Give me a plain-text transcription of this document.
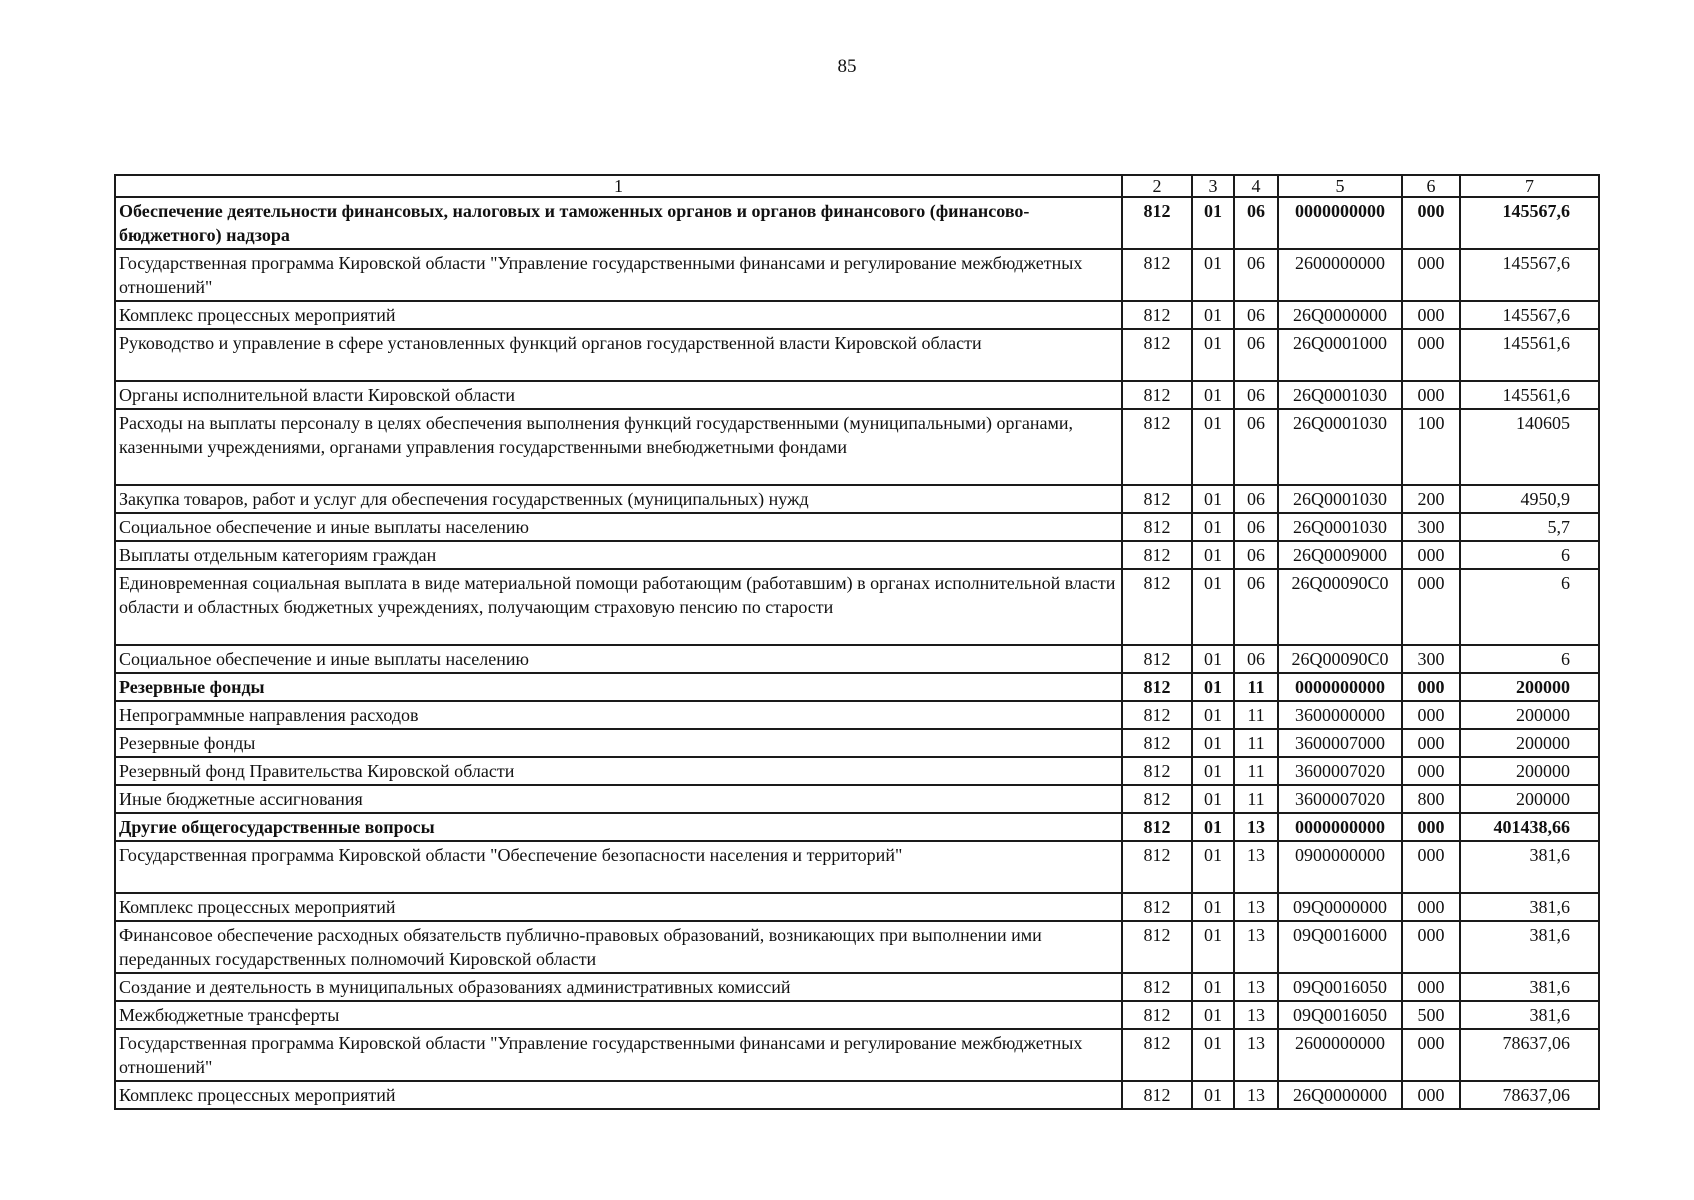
85
1	2	3	4	5	6	7
Обеспечение деятельности финансовых, налоговых и таможенных органов и органов финансового (финансово-бюджетного) надзора	812	01	06	0000000000	000	145567,6
Государственная программа Кировской области "Управление государственными финансами и регулирование межбюджетных отношений"	812	01	06	2600000000	000	145567,6
Комплекс процессных мероприятий	812	01	06	26Q0000000	000	145567,6
Руководство и управление в сфере установленных функций органов государственной власти Кировской области	812	01	06	26Q0001000	000	145561,6
Органы исполнительной власти Кировской области	812	01	06	26Q0001030	000	145561,6
Расходы на выплаты персоналу в целях обеспечения выполнения функций государственными (муниципальными) органами, казенными учреждениями, органами управления государственными внебюджетными фондами	812	01	06	26Q0001030	100	140605
Закупка товаров, работ и услуг для обеспечения государственных (муниципальных) нужд	812	01	06	26Q0001030	200	4950,9
Социальное обеспечение и иные выплаты населению	812	01	06	26Q0001030	300	5,7
Выплаты отдельным категориям граждан	812	01	06	26Q0009000	000	6
Единовременная социальная выплата в виде материальной помощи работающим (работавшим) в органах исполнительной власти области и областных бюджетных учреждениях, получающим страховую пенсию по старости	812	01	06	26Q00090C0	000	6
Социальное обеспечение и иные выплаты населению	812	01	06	26Q00090C0	300	6
Резервные фонды	812	01	11	0000000000	000	200000
Непрограммные направления расходов	812	01	11	3600000000	000	200000
Резервные фонды	812	01	11	3600007000	000	200000
Резервный фонд Правительства Кировской области	812	01	11	3600007020	000	200000
Иные бюджетные ассигнования	812	01	11	3600007020	800	200000
Другие общегосударственные вопросы	812	01	13	0000000000	000	401438,66
Государственная программа Кировской области "Обеспечение безопасности населения и территорий"	812	01	13	0900000000	000	381,6
Комплекс процессных мероприятий	812	01	13	09Q0000000	000	381,6
Финансовое обеспечение расходных обязательств публично-правовых образований, возникающих при выполнении ими переданных государственных полномочий Кировской области	812	01	13	09Q0016000	000	381,6
Создание и деятельность в муниципальных образованиях административных комиссий	812	01	13	09Q0016050	000	381,6
Межбюджетные трансферты	812	01	13	09Q0016050	500	381,6
Государственная программа Кировской области "Управление государственными финансами и регулирование межбюджетных отношений"	812	01	13	2600000000	000	78637,06
Комплекс процессных мероприятий	812	01	13	26Q0000000	000	78637,06
